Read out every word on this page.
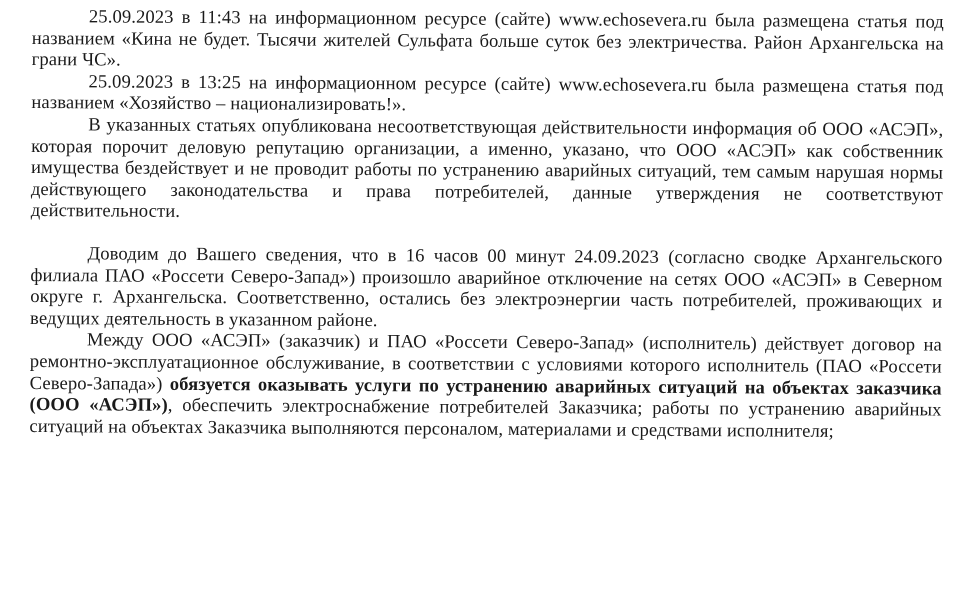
25.09.2023 в 11:43 на информационном ресурсе (сайте) www.echosevera.ru была размещена статья под названием «Кина не будет. Тысячи жителей Сульфата больше суток без электричества. Район Архангельска на грани ЧС».

25.09.2023 в 13:25 на информационном ресурсе (сайте) www.echosevera.ru была размещена статья под названием «Хозяйство – национализировать!».

В указанных статьях опубликована несоответствующая действительности информация об ООО «АСЭП», которая порочит деловую репутацию организации, а именно, указано, что ООО «АСЭП» как собственник имущества бездействует и не проводит работы по устранению аварийных ситуаций, тем самым нарушая нормы действующего законодательства и права потребителей, данные утверждения не соответствуют действительности.

Доводим до Вашего сведения, что в 16 часов 00 минут 24.09.2023 (согласно сводке Архангельского филиала ПАО «Россети Северо-Запад») произошло аварийное отключение на сетях ООО «АСЭП» в Северном округе г. Архангельска. Соответственно, остались без электроэнергии часть потребителей, проживающих и ведущих деятельность в указанном районе.

Между ООО «АСЭП» (заказчик) и ПАО «Россети Северо-Запад» (исполнитель) действует договор на ремонтно-эксплуатационное обслуживание, в соответствии с условиями которого исполнитель (ПАО «Россети Северо-Запада») обязуется оказывать услуги по устранению аварийных ситуаций на объектах заказчика (ООО «АСЭП»), обеспечить электроснабжение потребителей Заказчика; работы по устранению аварийных ситуаций на объектах Заказчика выполняются персоналом, материалами и средствами исполнителя;
